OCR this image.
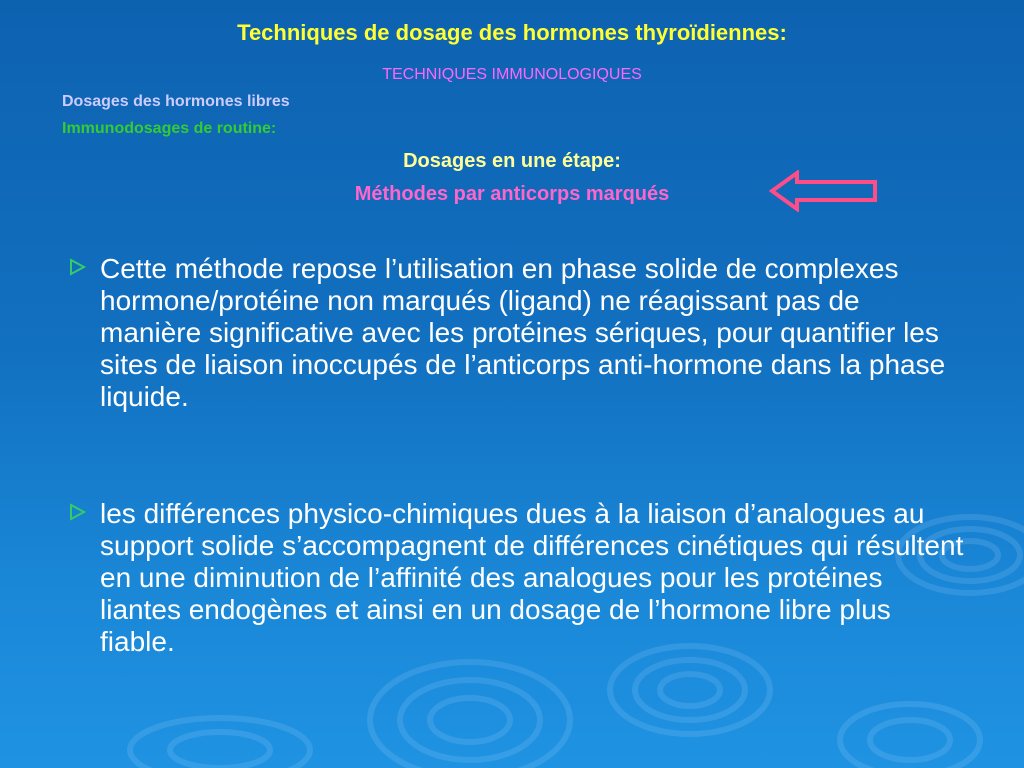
Techniques de dosage des hormones thyroïdiennes:
TECHNIQUES IMMUNOLOGIQUES
Dosages des hormones libres
Immunodosages de routine:
Dosages en une étape:
Méthodes par anticorps marqués
Cette méthode repose l’utilisation en phase solide de complexes hormone/protéine non marqués (ligand) ne réagissant pas de manière significative avec les protéines sériques, pour quantifier les sites de liaison inoccupés de l’anticorps anti-hormone dans la phase liquide.
les différences physico-chimiques dues à la liaison d’analogues au support solide s’accompagnent de différences cinétiques qui résultent en une diminution de l’affinité des analogues pour les protéines liantes endogènes et ainsi en un dosage de l’hormone libre plus fiable.
